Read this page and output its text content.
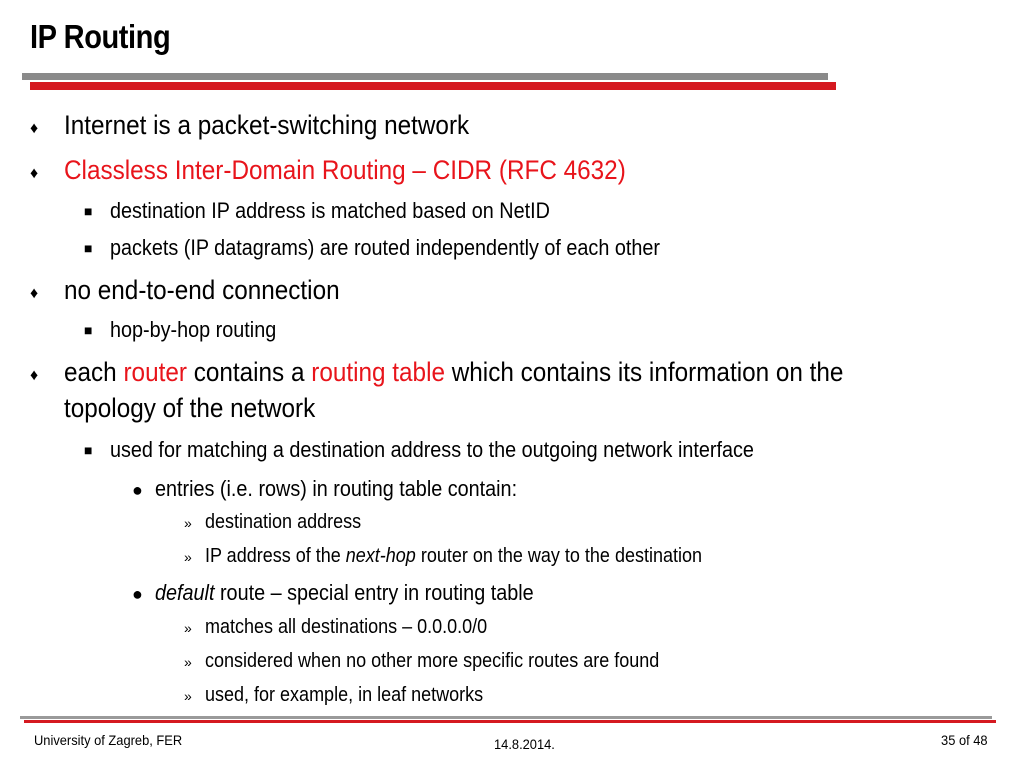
IP Routing
♦ Internet is a packet-switching network
♦ Classless Inter-Domain Routing – CIDR (RFC 4632)
■ destination IP address is matched based on NetID
■ packets (IP datagrams) are routed independently of each other
♦ no end-to-end connection
■ hop-by-hop routing
♦ each router contains a routing table which contains its information on the
topology of the network
■ used for matching a destination address to the outgoing network interface
● entries (i.e. rows) in routing table contain:
» destination address
» IP address of the next-hop router on the way to the destination
● default route – special entry in routing table
» matches all destinations – 0.0.0.0/0
» considered when no other more specific routes are found
» used, for example, in leaf networks
University of Zagreb, FER	14.8.2014.	35 of 48
